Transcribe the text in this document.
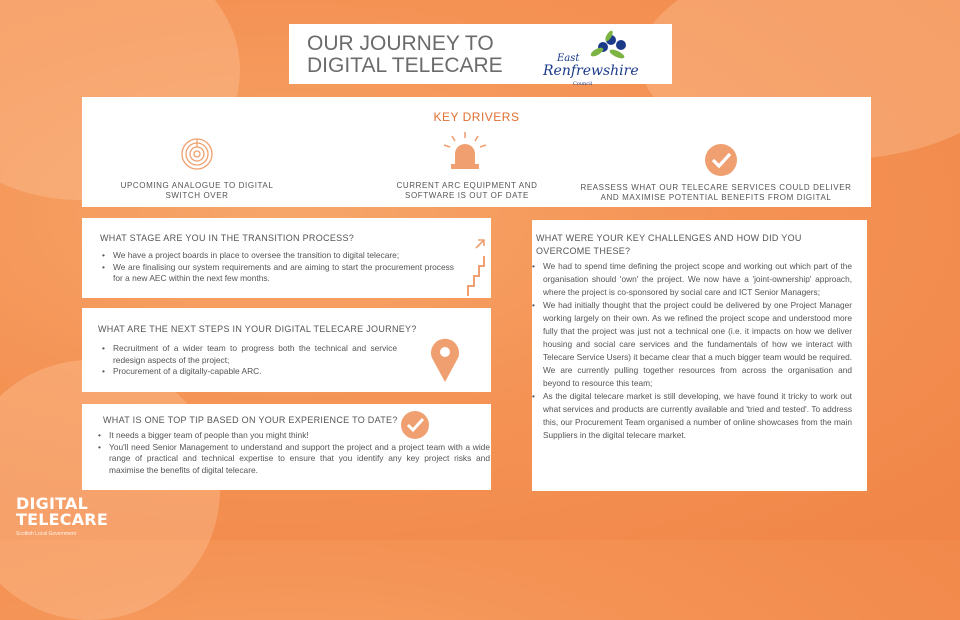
OUR JOURNEY TO
DIGITAL TELECARE	East
Renfrewshire
Council
KEY DRIVERS
UPCOMING ANALOGUE TO DIGITAL
SWITCH OVER
CURRENT ARC EQUIPMENT AND
SOFTWARE IS OUT OF DATE
REASSESS WHAT OUR TELECARE SERVICES COULD DELIVER
AND MAXIMISE POTENTIAL BENEFITS FROM DIGITAL
WHAT STAGE ARE YOU IN THE TRANSITION PROCESS?
• We have a project boards in place to oversee the transition to digital telecare;
• We are finalising our system requirements and are aiming to start the procurement process for a new AEC within the next few months.
WHAT ARE THE NEXT STEPS IN YOUR DIGITAL TELECARE JOURNEY?
• Recruitment of a wider team to progress both the technical and service redesign aspects of the project;
• Procurement of a digitally-capable ARC.
WHAT IS ONE TOP TIP BASED ON YOUR EXPERIENCE TO DATE?
• It needs a bigger team of people than you might think!
• You'll need Senior Management to understand and support the project and a project team with a wide range of practical and technical expertise to ensure that you identify any key project risks and maximise the benefits of digital telecare.
WHAT WERE YOUR KEY CHALLENGES AND HOW DID YOU OVERCOME THESE?
• We had to spend time defining the project scope and working out which part of the organisation should 'own' the project. We now have a 'joint-ownership' approach, where the project is co-sponsored by social care and ICT Senior Managers;
• We had initially thought that the project could be delivered by one Project Manager working largely on their own. As we refined the project scope and understood more fully that the project was just not a technical one (i.e. it impacts on how we deliver housing and social care services and the fundamentals of how we interact with Telecare Service Users) it became clear that a much bigger team would be required. We are currently pulling together resources from across the organisation and beyond to resource this team;
• As the digital telecare market is still developing, we have found it tricky to work out what services and products are currently available and 'tried and tested'. To address this, our Procurement Team organised a number of online showcases from the main Suppliers in the digital telecare market.
DIGITAL
TELECARE
Scottish Local Government
